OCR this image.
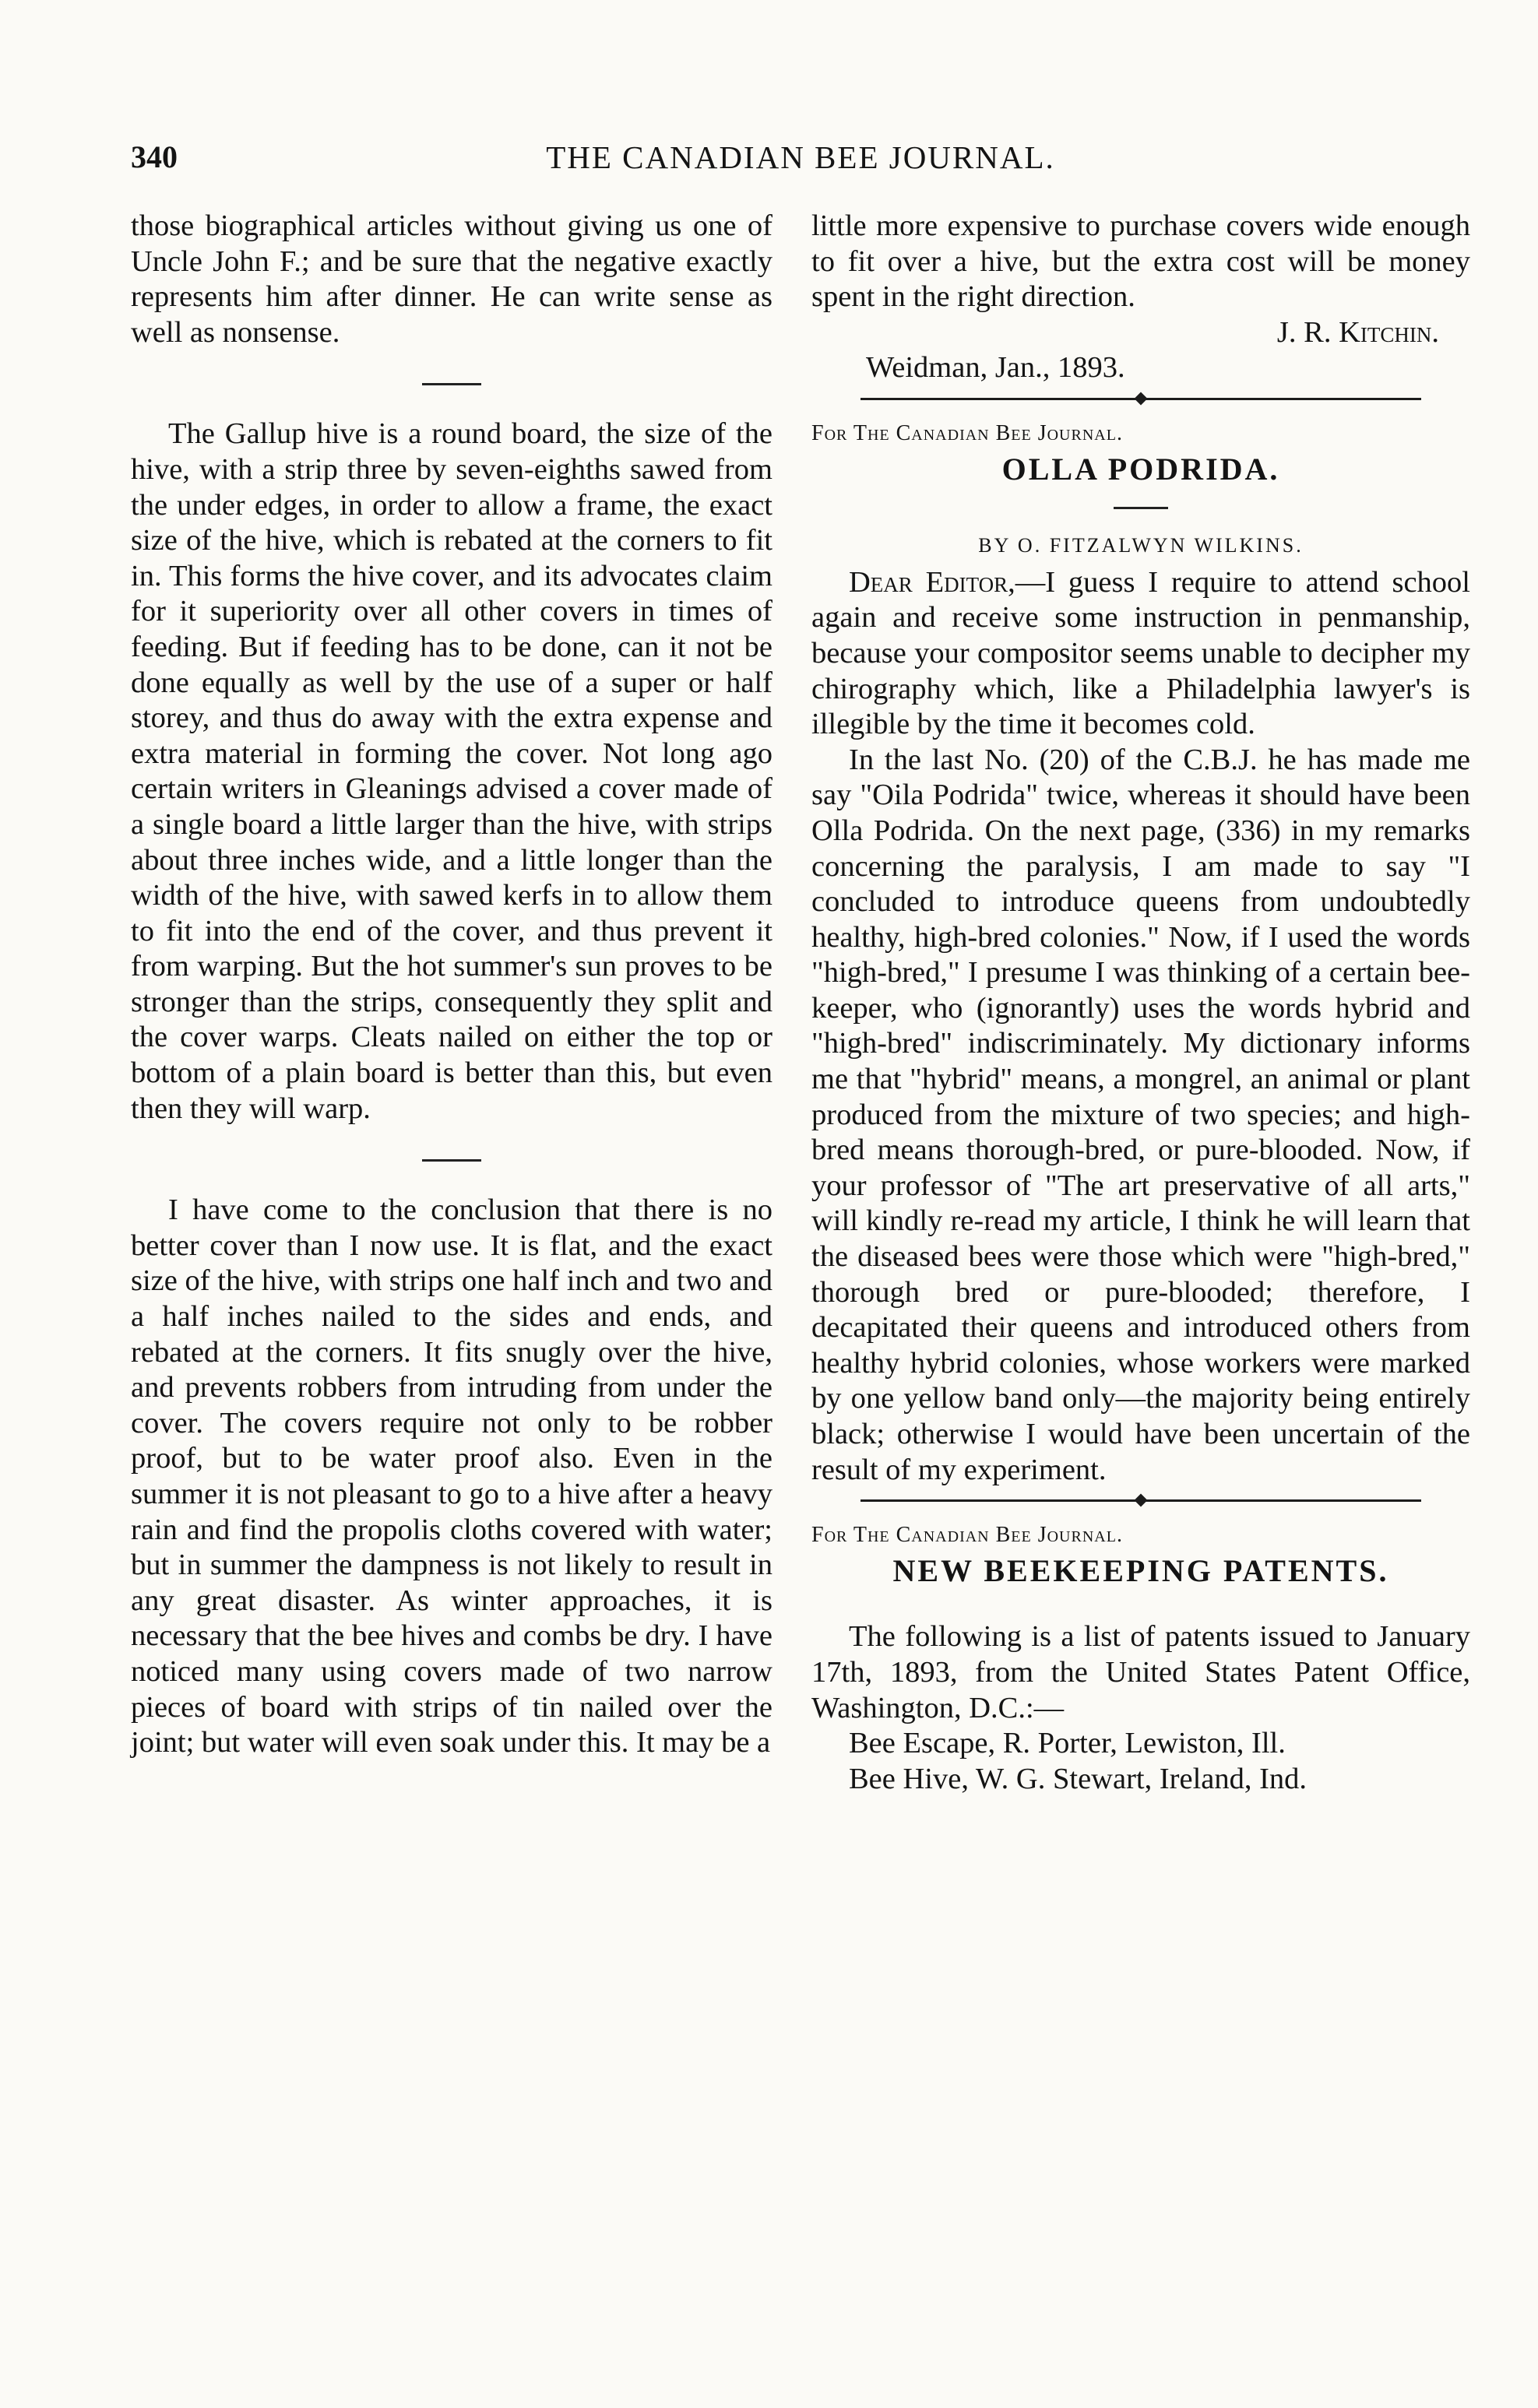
340	THE CANADIAN BEE JOURNAL.

those biographical articles without giving us one of Uncle John F.; and be sure that the negative exactly represents him after dinner. He can write sense as well as nonsense.

The Gallup hive is a round board, the size of the hive, with a strip three by seven-eighths sawed from the under edges, in order to allow a frame, the exact size of the hive, which is rebated at the corners to fit in. This forms the hive cover, and its advocates claim for it superiority over all other covers in times of feeding. But if feeding has to be done, can it not be done equally as well by the use of a super or half storey, and thus do away with the extra expense and extra material in forming the cover. Not long ago certain writers in Gleanings advised a cover made of a single board a little larger than the hive, with strips about three inches wide, and a little longer than the width of the hive, with sawed kerfs in to allow them to fit into the end of the cover, and thus prevent it from warping. But the hot summer's sun proves to be stronger than the strips, consequently they split and the cover warps. Cleats nailed on either the top or bottom of a plain board is better than this, but even then they will warp.

I have come to the conclusion that there is no better cover than I now use. It is flat, and the exact size of the hive, with strips one half inch and two and a half inches nailed to the sides and ends, and rebated at the corners. It fits snugly over the hive, and prevents robbers from intruding from under the cover. The covers require not only to be robber proof, but to be water proof also. Even in the summer it is not pleasant to go to a hive after a heavy rain and find the propolis cloths covered with water; but in summer the dampness is not likely to result in any great disaster. As winter approaches, it is necessary that the bee hives and combs be dry. I have noticed many using covers made of two narrow pieces of board with strips of tin nailed over the joint; but water will even soak under this. It may be a

little more expensive to purchase covers wide enough to fit over a hive, but the extra cost will be money spent in the right direction.

J. R. Kitchin.

Weidman, Jan., 1893.

For The Canadian Bee Journal.

OLLA PODRIDA.

BY O. FITZALWYN WILKINS.

Dear Editor,—I guess I require to attend school again and receive some instruction in penmanship, because your compositor seems unable to decipher my chirography which, like a Philadelphia lawyer's is illegible by the time it becomes cold.

In the last No. (20) of the C.B.J. he has made me say "Oila Podrida" twice, whereas it should have been Olla Podrida. On the next page, (336) in my remarks concerning the paralysis, I am made to say "I concluded to introduce queens from undoubtedly healthy, high-bred colonies." Now, if I used the words "high-bred," I presume I was thinking of a certain bee-keeper, who (ignorantly) uses the words hybrid and "high-bred" indiscriminately. My dictionary informs me that "hybrid" means, a mongrel, an animal or plant produced from the mixture of two species; and high-bred means thorough-bred, or pure-blooded. Now, if your professor of "The art preservative of all arts," will kindly re-read my article, I think he will learn that the diseased bees were those which were "high-bred," thorough bred or pure-blooded; therefore, I decapitated their queens and introduced others from healthy hybrid colonies, whose workers were marked by one yellow band only—the majority being entirely black; otherwise I would have been uncertain of the result of my experiment.

For The Canadian Bee Journal.

NEW BEEKEEPING PATENTS.

The following is a list of patents issued to January 17th, 1893, from the United States Patent Office, Washington, D.C.:—

Bee Escape, R. Porter, Lewiston, Ill.

Bee Hive, W. G. Stewart, Ireland, Ind.
